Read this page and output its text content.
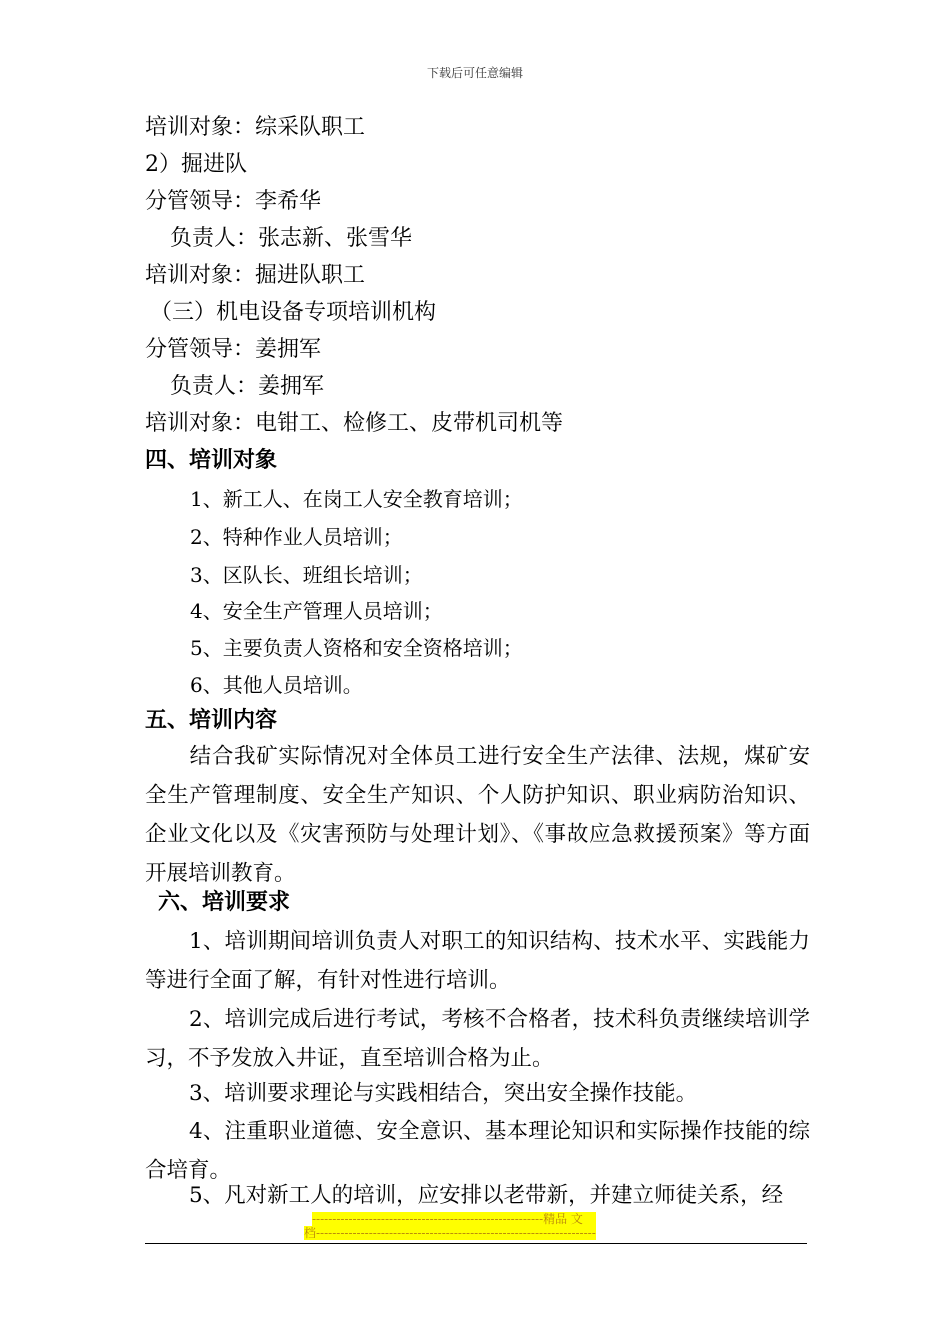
下载后可任意编辑
培训对象：综采队职工
2）掘进队
分管领导：李希华
负责人：张志新、张雪华
培训对象：掘进队职工
（三）机电设备专项培训机构
分管领导：姜拥军
负责人：姜拥军
培训对象：电钳工、检修工、皮带机司机等
四、培训对象
1、新工人、在岗工人安全教育培训；
2、特种作业人员培训；
3、区队长、班组长培训；
4、安全生产管理人员培训；
5、主要负责人资格和安全资格培训；
6、其他人员培训。
五、培训内容
结合我矿实际情况对全体员工进行安全生产法律、法规，煤矿安全生产管理制度、安全生产知识、个人防护知识、职业病防治知识、企业文化以及《灾害预防与处理计划》、《事故应急救援预案》等方面开展培训教育。
六、培训要求
1、培训期间培训负责人对职工的知识结构、技术水平、实践能力等进行全面了解，有针对性进行培训。
2、培训完成后进行考试，考核不合格者，技术科负责继续培训学习，不予发放入井证，直至培训合格为止。
3、培训要求理论与实践相结合，突出安全操作技能。
4、注重职业道德、安全意识、基本理论知识和实际操作技能的综合培育。
5、凡对新工人的培训，应安排以老带新，并建立师徒关系，经
---------------------------------------------------------精品 文
档---------------------------------------------------------------------
